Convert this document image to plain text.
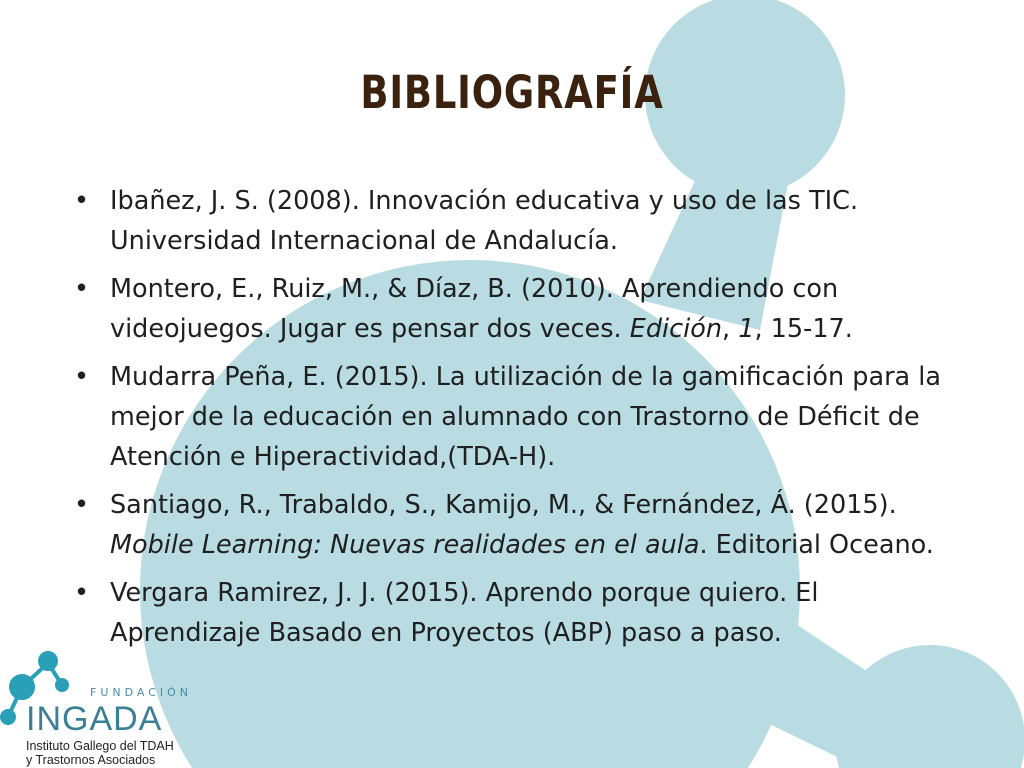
BIBLIOGRAFÍA
• Ibañez, J. S. (2008). Innovación educativa y uso de las TIC. Universidad Internacional de Andalucía.
• Montero, E., Ruiz, M., & Díaz, B. (2010). Aprendiendo con videojuegos. Jugar es pensar dos veces. Edición, 1, 15-17.
• Mudarra Peña, E. (2015). La utilización de la gamificación para la mejor de la educación en alumnado con Trastorno de Déficit de Atención e Hiperactividad,(TDA-H).
• Santiago, R., Trabaldo, S., Kamijo, M., & Fernández, Á. (2015). Mobile Learning: Nuevas realidades en el aula. Editorial Oceano.
• Vergara Ramirez, J. J. (2015). Aprendo porque quiero. El Aprendizaje Basado en Proyectos (ABP) paso a paso.
FUNDACIÓN
INGADA
Instituto Gallego del TDAH
y Trastornos Asociados
